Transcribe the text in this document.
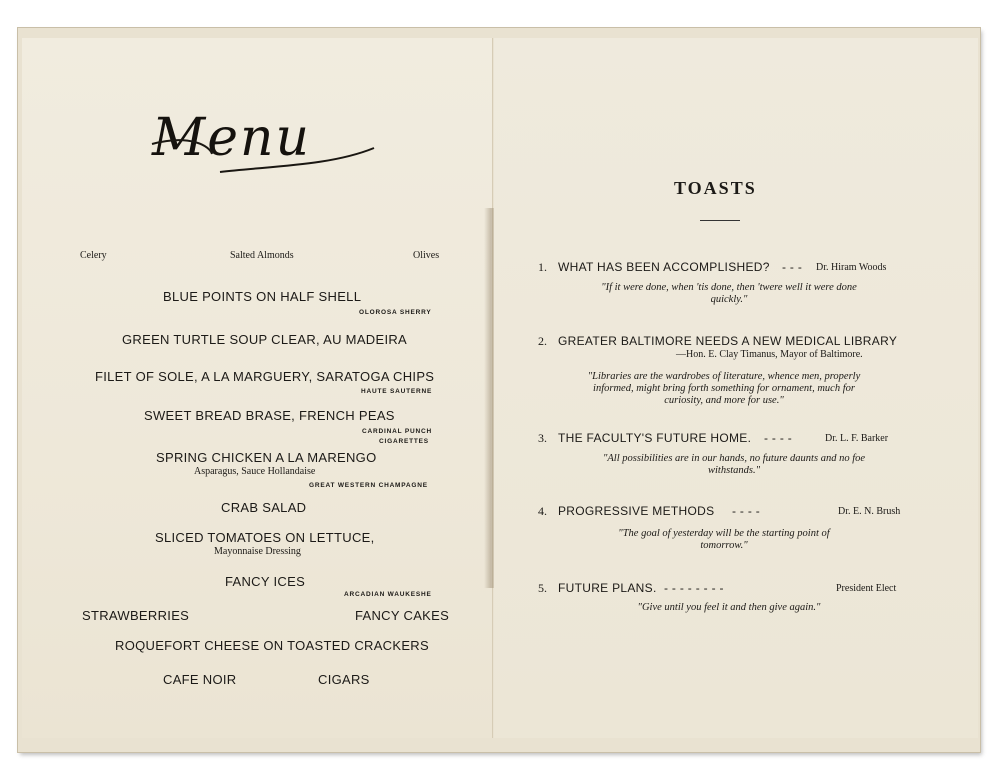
Menu
Celery	Salted Almonds	Olives
BLUE POINTS ON HALF SHELL
OLOROSA SHERRY
GREEN TURTLE SOUP CLEAR, AU MADEIRA
FILET OF SOLE, A LA MARGUERY, SARATOGA CHIPS
HAUTE SAUTERNE
SWEET BREAD BRASE, FRENCH PEAS
CARDINAL PUNCH
CIGARETTES
SPRING CHICKEN A LA MARENGO
Asparagus, Sauce Hollandaise
GREAT WESTERN CHAMPAGNE
CRAB SALAD
SLICED TOMATOES ON LETTUCE,
Mayonnaise Dressing
FANCY ICES
ARCADIAN WAUKESHE
STRAWBERRIES	FANCY CAKES
ROQUEFORT CHEESE ON TOASTED CRACKERS
CAFE NOIR	CIGARS
TOASTS
1. WHAT HAS BEEN ACCOMPLISHED? - - - Dr. Hiram Woods
"If it were done, when 'tis done, then 'twere well it were done quickly."
2. GREATER BALTIMORE NEEDS A NEW MEDICAL LIBRARY
—Hon. E. Clay Timanus, Mayor of Baltimore.
"Libraries are the wardrobes of literature, whence men, properly informed, might bring forth something for ornament, much for curiosity, and more for use."
3. THE FACULTY'S FUTURE HOME. - - - -	Dr. L. F. Barker
"All possibilities are in our hands, no future daunts and no foe withstands."
4. PROGRESSIVE METHODS - - - -	Dr. E. N. Brush
"The goal of yesterday will be the starting point of tomorrow."
5. FUTURE PLANS. - - - - - - - -	President Elect
"Give until you feel it and then give again."
